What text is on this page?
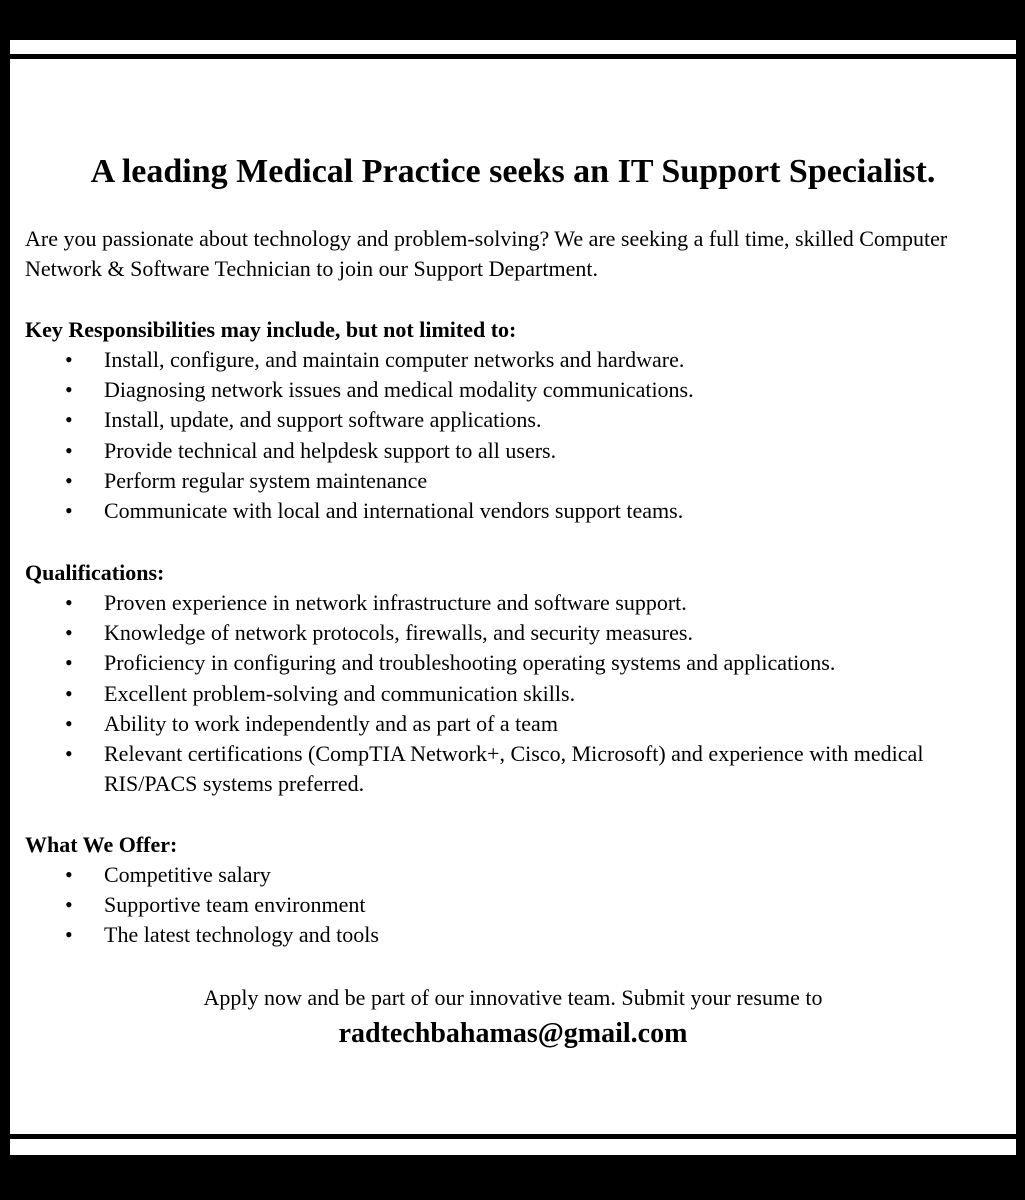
A leading Medical Practice seeks an IT Support Specialist.

Are you passionate about technology and problem-solving? We are seeking a full time, skilled Computer Network & Software Technician to join our Support Department.

Key Responsibilities may include, but not limited to:

• Install, configure, and maintain computer networks and hardware.
• Diagnosing network issues and medical modality communications.
• Install, update, and support software applications.
• Provide technical and helpdesk support to all users.
• Perform regular system maintenance
• Communicate with local and international vendors support teams.

Qualifications:

• Proven experience in network infrastructure and software support.
• Knowledge of network protocols, firewalls, and security measures.
• Proficiency in configuring and troubleshooting operating systems and applications.
• Excellent problem-solving and communication skills.
• Ability to work independently and as part of a team
• Relevant certifications (CompTIA Network+, Cisco, Microsoft) and experience with medical RIS/PACS systems preferred.

What We Offer:

• Competitive salary
• Supportive team environment
• The latest technology and tools

Apply now and be part of our innovative team. Submit your resume to

radtechbahamas@gmail.com
